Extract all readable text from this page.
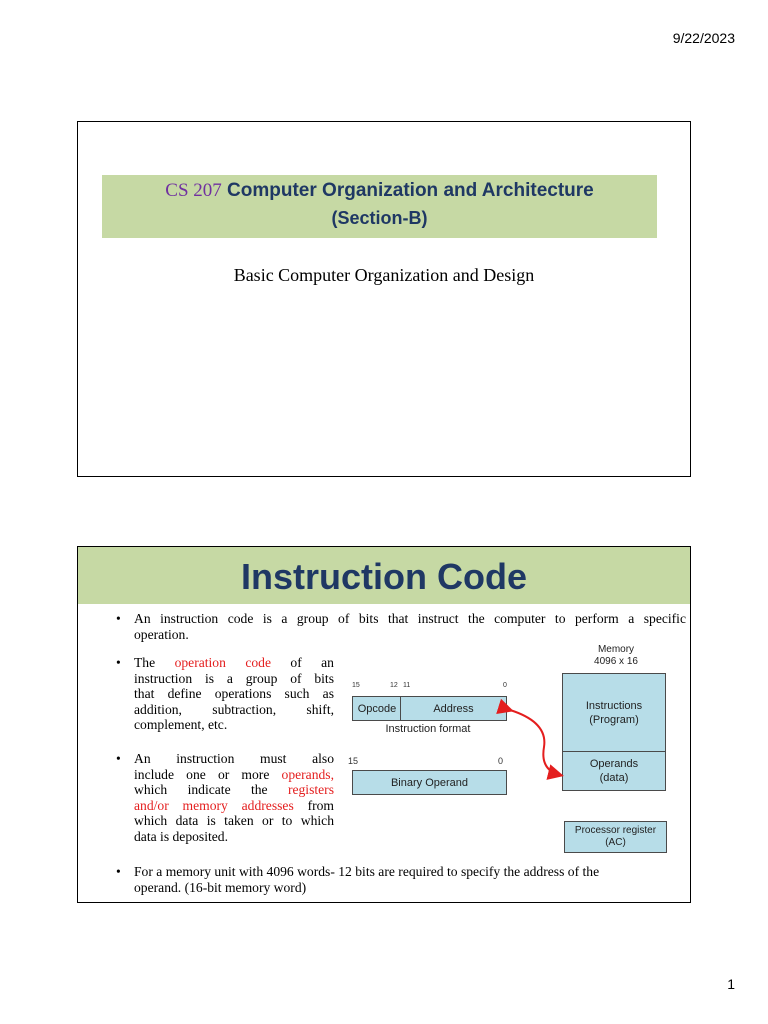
9/22/2023
CS 207 Computer Organization and Architecture
(Section-B)
Basic Computer Organization and Design
Instruction Code
• An instruction code is a group of bits that instruct the computer to perform a specific
operation.
• The operation code of an
instruction is a group of bits
that define operations such as
addition, subtraction, shift,
complement, etc.
• An instruction must also
include one or more operands,
which indicate the registers
and/or memory addresses from
which data is taken or to which
data is deposited.
• For a memory unit with 4096 words- 12 bits are required to specify the address of the
operand. (16-bit memory word)
15	12 11	0
Opcode	Address
Instruction format
15	0
Binary Operand
Memory
4096 x 16
Instructions
(Program)
Operands
(data)
Processor register
(AC)
1
